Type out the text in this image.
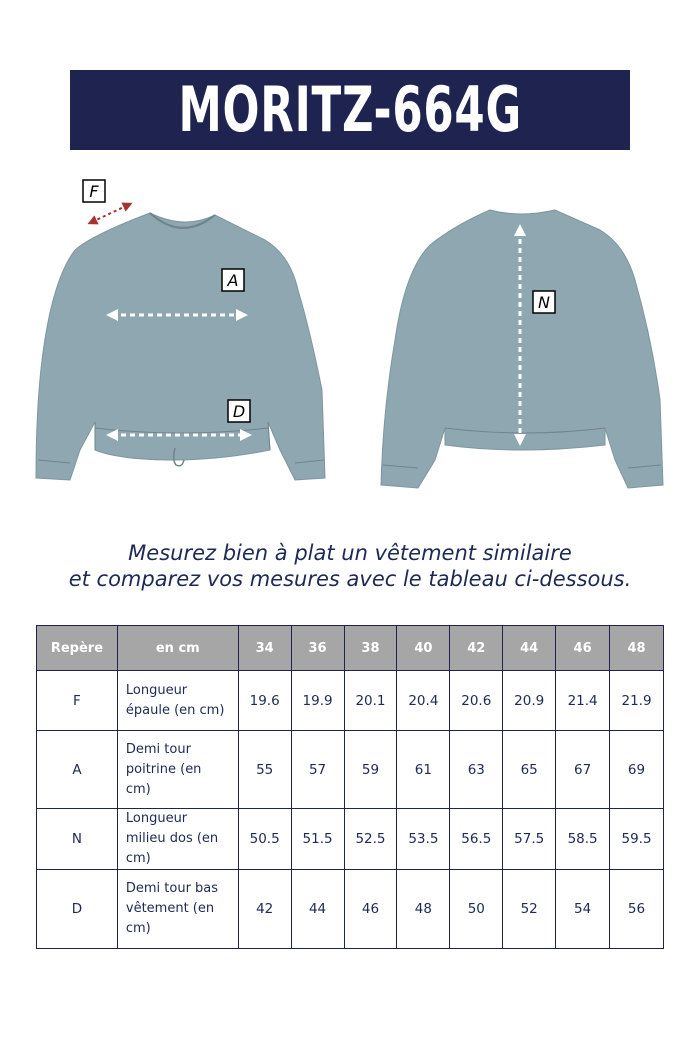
MORITZ-664G
F
A
D
N
Mesurez bien à plat un vêtement similaire
et comparez vos mesures avec le tableau ci-dessous.
Repère	en cm	34	36	38	40	42	44	46	48
F	Longueur épaule (en cm)	19.6	19.9	20.1	20.4	20.6	20.9	21.4	21.9
A	Demi tour poitrine (en cm)	55	57	59	61	63	65	67	69
N	Longueur milieu dos (en cm)	50.5	51.5	52.5	53.5	56.5	57.5	58.5	59.5
D	Demi tour bas vêtement (en cm)	42	44	46	48	50	52	54	56
